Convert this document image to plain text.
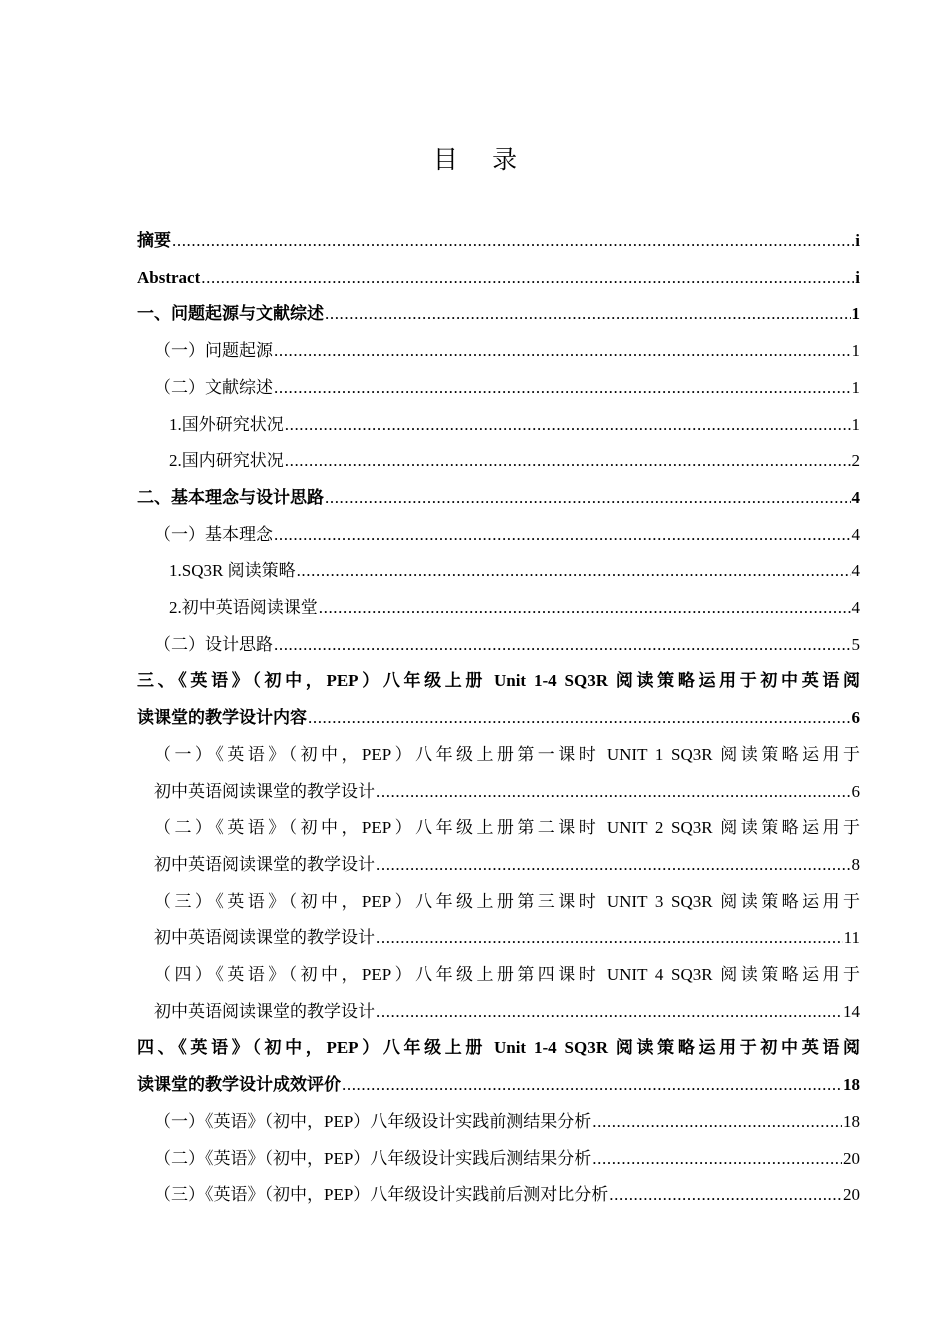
目 录
摘要 .....	i
Abstract .....	i
一、问题起源与文献综述 .....	1
（一）问题起源 .....	1
（二）文献综述 .....	1
1.国外研究状况 .....	1
2.国内研究状况 .....	2
二、基本理念与设计思路 .....	4
（一）基本理念 .....	4
1.SQ3R 阅读策略 .....	4
2.初中英语阅读课堂 .....	4
（二）设计思路 .....	5
三、《英语》（初中，PEP）八年级上册 Unit 1-4 SQ3R 阅读策略运用于初中英语阅
读课堂的教学设计内容 .....	6
（一）《英语》（初中，PEP）八年级上册第一课时 UNIT 1 SQ3R 阅读策略运用于
初中英语阅读课堂的教学设计 .....	6
（二）《英语》（初中，PEP）八年级上册第二课时 UNIT 2 SQ3R 阅读策略运用于
初中英语阅读课堂的教学设计 .....	8
（三）《英语》（初中，PEP）八年级上册第三课时 UNIT 3 SQ3R 阅读策略运用于
初中英语阅读课堂的教学设计 .....	11
（四）《英语》（初中，PEP）八年级上册第四课时 UNIT 4 SQ3R 阅读策略运用于
初中英语阅读课堂的教学设计 .....	14
四、《英语》（初中，PEP）八年级上册 Unit 1-4 SQ3R 阅读策略运用于初中英语阅
读课堂的教学设计成效评价 .....	18
（一）《英语》（初中，PEP）八年级设计实践前测结果分析 .....	18
（二）《英语》（初中，PEP）八年级设计实践后测结果分析 .....	20
（三）《英语》（初中，PEP）八年级设计实践前后测对比分析 .....	20
